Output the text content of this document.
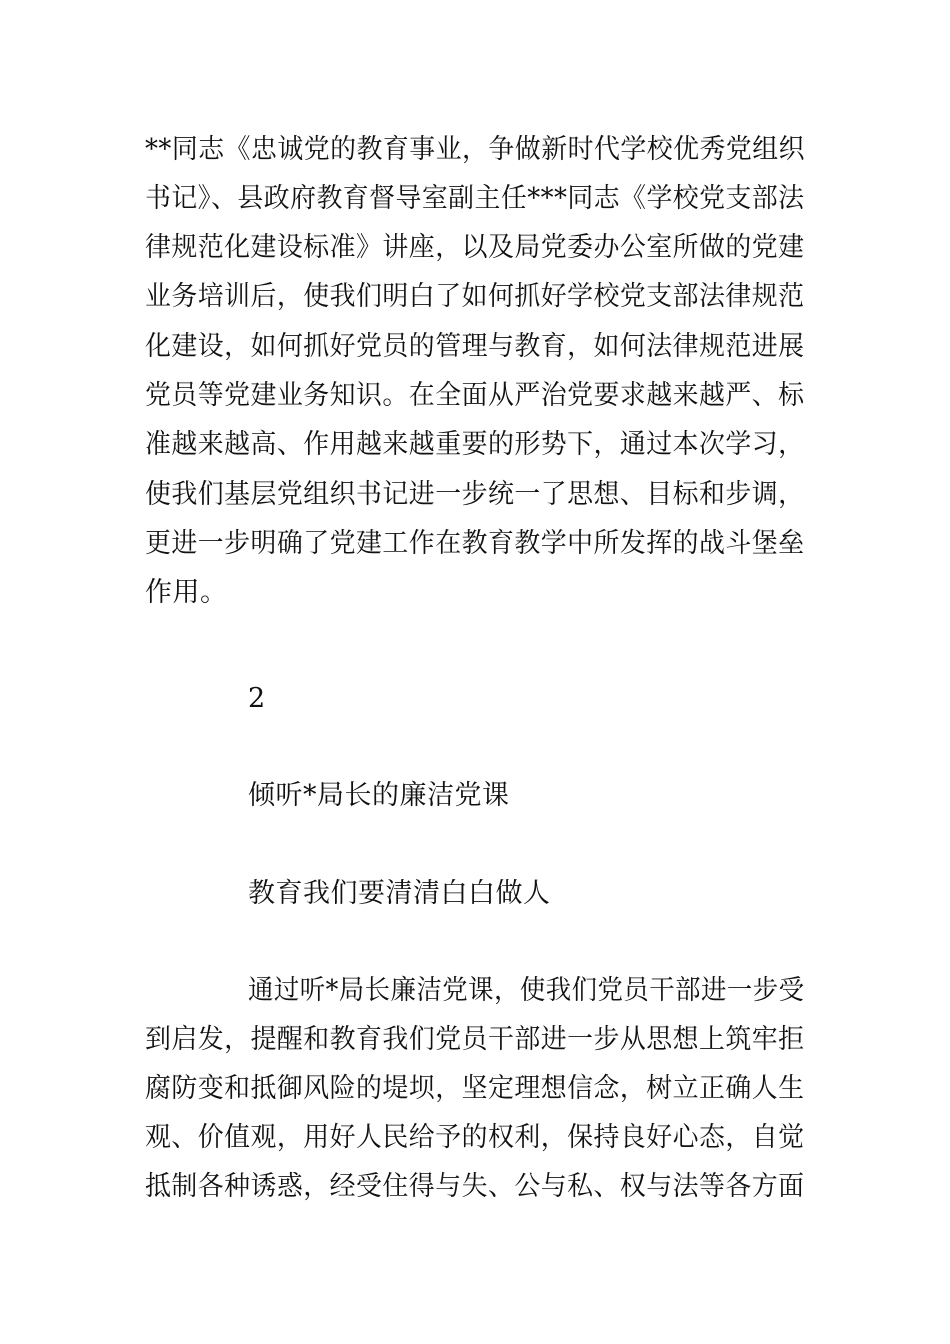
**同志《忠诚党的教育事业，争做新时代学校优秀党组织
书记》、县政府教育督导室副主任***同志《学校党支部法
律规范化建设标准》讲座，以及局党委办公室所做的党建
业务培训后，使我们明白了如何抓好学校党支部法律规范
化建设，如何抓好党员的管理与教育，如何法律规范进展
党员等党建业务知识。在全面从严治党要求越来越严、标
准越来越高、作用越来越重要的形势下，通过本次学习，
使我们基层党组织书记进一步统一了思想、目标和步调，
更进一步明确了党建工作在教育教学中所发挥的战斗堡垒
作用。
2
倾听*局长的廉洁党课
教育我们要清清白白做人
通过听*局长廉洁党课，使我们党员干部进一步受
到启发，提醒和教育我们党员干部进一步从思想上筑牢拒
腐防变和抵御风险的堤坝，坚定理想信念，树立正确人生
观、价值观，用好人民给予的权利，保持良好心态，自觉
抵制各种诱惑，经受住得与失、公与私、权与法等各方面
